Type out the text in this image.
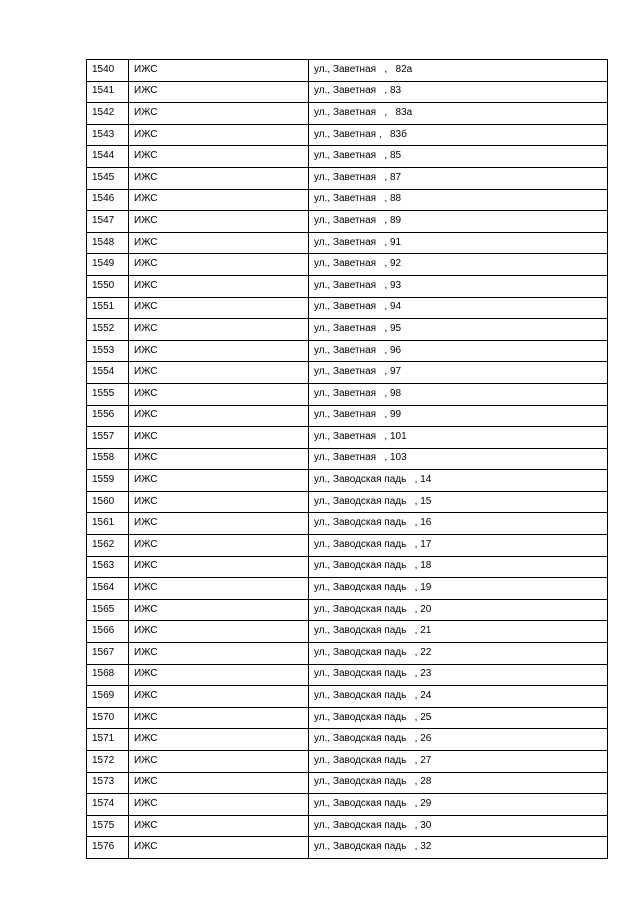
1540	ИЖС	ул., Заветная   ,   82а
1541	ИЖС	ул., Заветная   , 83
1542	ИЖС	ул., Заветная   ,   83а
1543	ИЖС	ул., Заветная ,   83б
1544	ИЖС	ул., Заветная   , 85
1545	ИЖС	ул., Заветная   , 87
1546	ИЖС	ул., Заветная   , 88
1547	ИЖС	ул., Заветная   , 89
1548	ИЖС	ул., Заветная   , 91
1549	ИЖС	ул., Заветная   , 92
1550	ИЖС	ул., Заветная   , 93
1551	ИЖС	ул., Заветная   , 94
1552	ИЖС	ул., Заветная   , 95
1553	ИЖС	ул., Заветная   , 96
1554	ИЖС	ул., Заветная   , 97
1555	ИЖС	ул., Заветная   , 98
1556	ИЖС	ул., Заветная   , 99
1557	ИЖС	ул., Заветная   , 101
1558	ИЖС	ул., Заветная   , 103
1559	ИЖС	ул., Заводская падь   , 14
1560	ИЖС	ул., Заводская падь   , 15
1561	ИЖС	ул., Заводская падь   , 16
1562	ИЖС	ул., Заводская падь   , 17
1563	ИЖС	ул., Заводская падь   , 18
1564	ИЖС	ул., Заводская падь   , 19
1565	ИЖС	ул., Заводская падь   , 20
1566	ИЖС	ул., Заводская падь   , 21
1567	ИЖС	ул., Заводская падь   , 22
1568	ИЖС	ул., Заводская падь   , 23
1569	ИЖС	ул., Заводская падь   , 24
1570	ИЖС	ул., Заводская падь   , 25
1571	ИЖС	ул., Заводская падь   , 26
1572	ИЖС	ул., Заводская падь   , 27
1573	ИЖС	ул., Заводская падь   , 28
1574	ИЖС	ул., Заводская падь   , 29
1575	ИЖС	ул., Заводская падь   , 30
1576	ИЖС	ул., Заводская падь   , 32
